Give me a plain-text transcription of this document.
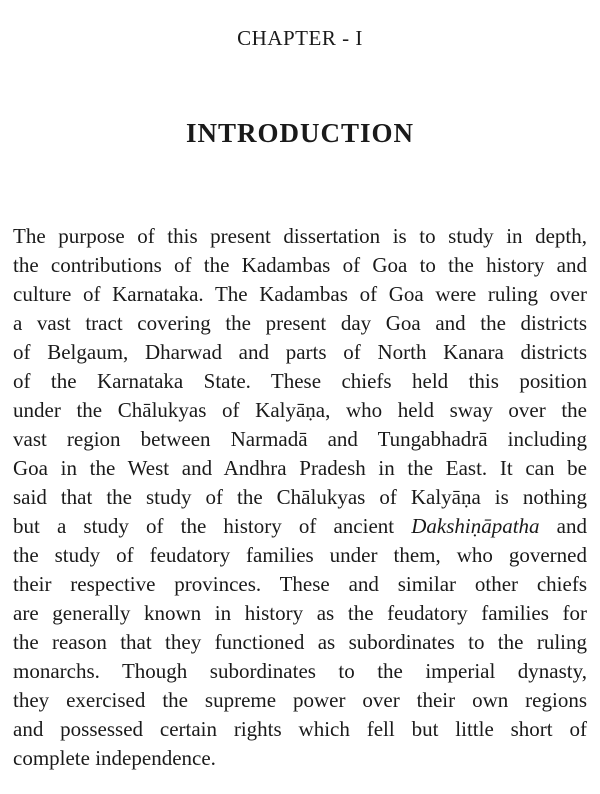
CHAPTER - I
INTRODUCTION
The purpose of this present dissertation is to study in depth,
the contributions of the Kadambas of Goa to the history and
culture of Karnataka. The Kadambas of Goa were ruling over
a vast tract covering the present day Goa and the districts
of Belgaum, Dharwad and parts of North Kanara districts
of the Karnataka State. These chiefs held this position
under the Chālukyas of Kalyāṇa, who held sway over the
vast region between Narmadā and Tungabhadrā including
Goa in the West and Andhra Pradesh in the East. It can be
said that the study of the Chālukyas of Kalyāṇa is nothing
but a study of the history of ancient Dakshiṇāpatha and
the study of feudatory families under them, who governed
their respective provinces. These and similar other chiefs
are generally known in history as the feudatory families for
the reason that they functioned as subordinates to the ruling
monarchs. Though subordinates to the imperial dynasty,
they exercised the supreme power over their own regions
and possessed certain rights which fell but little short of
complete independence.
